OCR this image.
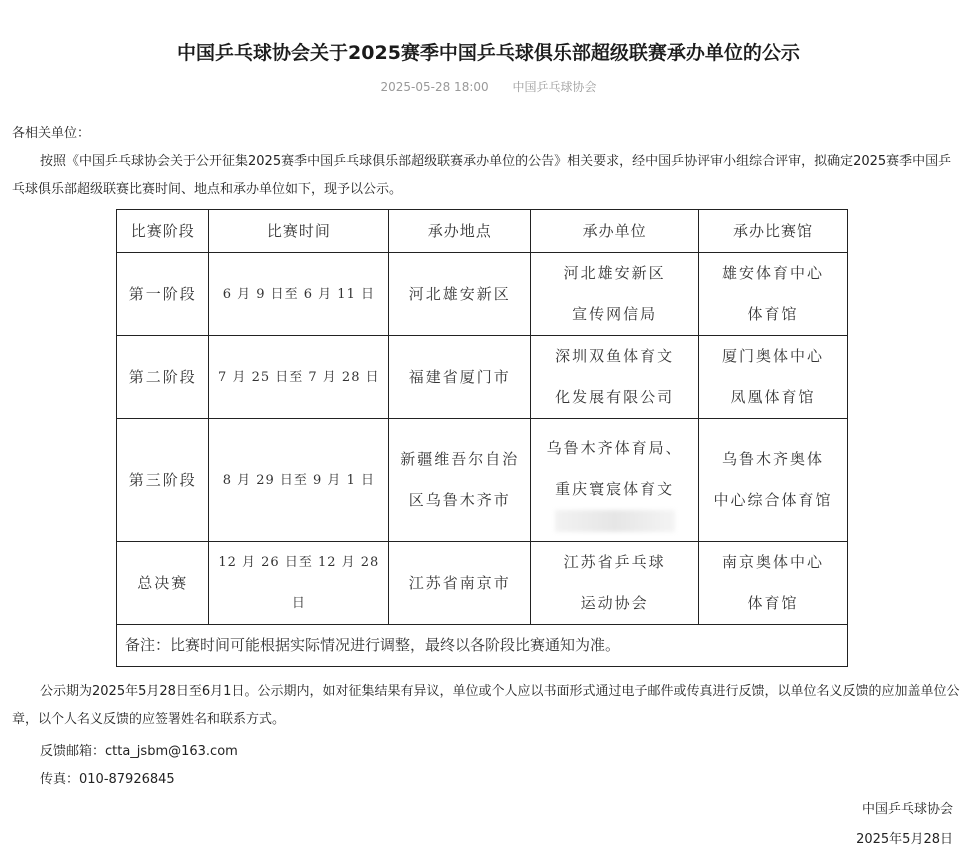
中国乒乓球协会关于2025赛季中国乒乓球俱乐部超级联赛承办单位的公示
2025-05-28 18:00 中国乒乓球协会
各相关单位：
按照《中国乒乓球协会关于公开征集2025赛季中国乒乓球俱乐部超级联赛承办单位的公告》相关要求，经中国乒协评审小组综合评审，拟确定2025赛季中国乒乓球俱乐部超级联赛比赛时间、地点和承办单位如下，现予以公示。
比赛阶段	比赛时间	承办地点	承办单位	承办比赛馆

第一阶段	6 月 9 日至 6 月 11 日	河北雄安新区	河北雄安新区
宣传网信局	雄安体育中心
体育馆

第二阶段	7 月 25 日至 7 月 28 日	福建省厦门市	深圳双鱼体育文
化发展有限公司	厦门奥体中心
凤凰体育馆

第三阶段	8 月 29 日至 9 月 1 日	新疆维吾尔自治
区乌鲁木齐市	乌鲁木齐体育局、
重庆寰宸体育文	乌鲁木齐奥体
中心综合体育馆

总决赛	12 月 26 日至 12 月 28 日	江苏省南京市	江苏省乒乓球
运动协会	南京奥体中心
体育馆

备注：比赛时间可能根据实际情况进行调整，最终以各阶段比赛通知为准。				
公示期为2025年5月28日至6月1日。公示期内，如对征集结果有异议，单位或个人应以书面形式通过电子邮件或传真进行反馈，以单位名义反馈的应加盖单位公章，以个人名义反馈的应签署姓名和联系方式。
反馈邮箱：ctta_jsbm@163.com
传真：010-87926845
中国乒乓球协会
2025年5月28日
